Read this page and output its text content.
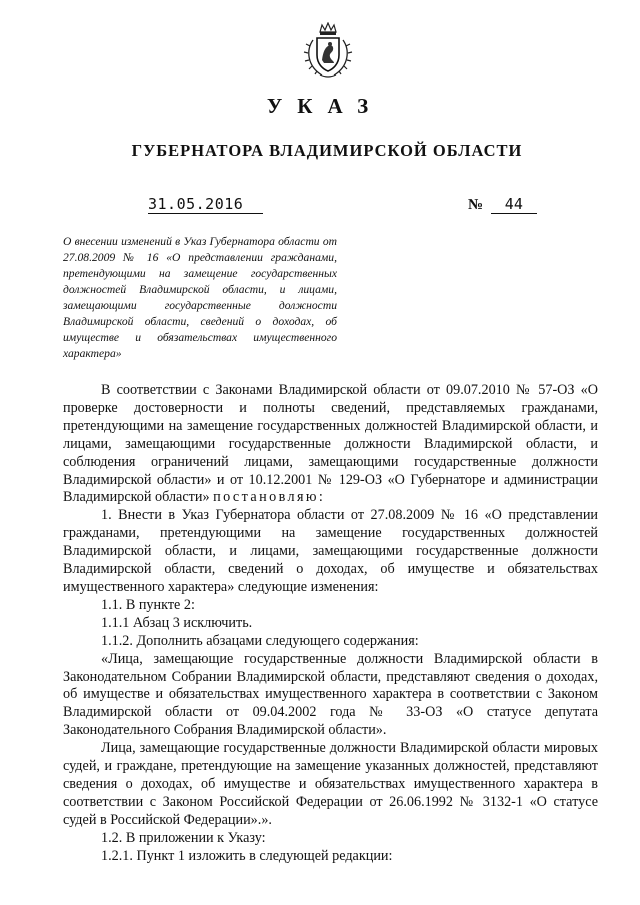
УКАЗ
ГУБЕРНАТОРА ВЛАДИМИРСКОЙ ОБЛАСТИ
31.05.2016	№ 44
О внесении изменений в Указ Губернатора области от 27.08.2009 № 16 «О представлении гражданами, претендующими на замещение государственных должностей Владимирской области, и лицами, замещающими государственные должности Владимирской области, сведений о доходах, об имуществе и обязательствах имущественного характера»

В соответствии с Законами Владимирской области от 09.07.2010 № 57-ОЗ «О проверке достоверности и полноты сведений, представляемых гражданами, претендующими на замещение государственных должностей Владимирской области, и лицами, замещающими государственные должности Владимирской области, и соблюдения ограничений лицами, замещающими государственные должности Владимирской области» и от 10.12.2001 № 129-ОЗ «О Губернаторе и администрации Владимирской области» постановляю:

1. Внести в Указ Губернатора области от 27.08.2009 № 16 «О представлении гражданами, претендующими на замещение государственных должностей Владимирской области, и лицами, замещающими государственные должности Владимирской области, сведений о доходах, об имуществе и обязательствах имущественного характера» следующие изменения:

1.1. В пункте 2:

1.1.1 Абзац 3 исключить.

1.1.2. Дополнить абзацами следующего содержания:

«Лица, замещающие государственные должности Владимирской области в Законодательном Собрании Владимирской области, представляют сведения о доходах, об имуществе и обязательствах имущественного характера в соответствии с Законом Владимирской области от 09.04.2002 года № 33-ОЗ «О статусе депутата Законодательного Собрания Владимирской области».

Лица, замещающие государственные должности Владимирской области мировых судей, и граждане, претендующие на замещение указанных должностей, представляют сведения о доходах, об имуществе и обязательствах имущественного характера в соответствии с Законом Российской Федерации от 26.06.1992 № 3132-1 «О статусе судей в Российской Федерации».».

1.2. В приложении к Указу:

1.2.1. Пункт 1 изложить в следующей редакции:
